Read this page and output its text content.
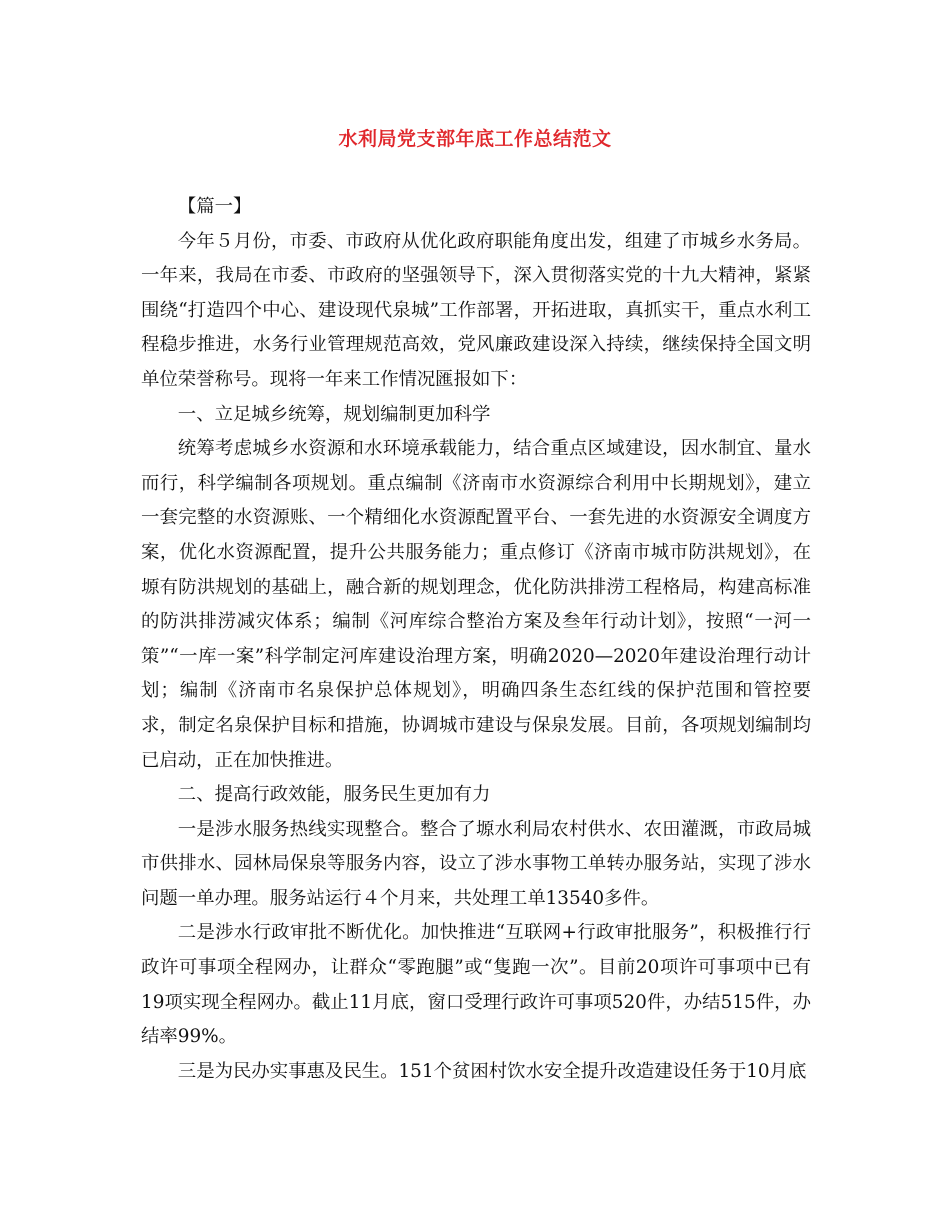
水利局党支部年底工作总结范文

【篇一】

今年５月份，市委、市政府从优化政府职能角度出发，组建了市城乡水务局。一年来，我局在市委、市政府的坚强领导下，深入贯彻落实党的十九大精神，紧紧围绕“打造四个中心、建设现代泉城”工作部署，开拓进取，真抓实干，重点水利工程稳步推进，水务行业管理规范高效，党风廉政建设深入持续，继续保持全国文明单位荣誉称号。现将一年来工作情况匯报如下：

一、立足城乡统筹，规划编制更加科学

统筹考虑城乡水资源和水环境承载能力，结合重点区域建设，因水制宜、量水而行，科学编制各项规划。重点编制《济南市水资源综合利用中长期规划》，建立一套完整的水资源账、一个精细化水资源配置平台、一套先进的水资源安全调度方案，优化水资源配置，提升公共服务能力；重点修订《济南市城市防洪规划》，在塬有防洪规划的基础上，融合新的规划理念，优化防洪排涝工程格局，构建高标准的防洪排涝减灾体系；编制《河库综合整治方案及叁年行动计划》，按照“一河一策”“一库一案”科学制定河库建设治理方案，明确2020—2020年建设治理行动计划；编制《济南市名泉保护总体规划》，明确四条生态红线的保护范围和管控要求，制定名泉保护目标和措施，协调城市建设与保泉发展。目前，各项规划编制均已启动，正在加快推进。

二、提高行政效能，服务民生更加有力

一是涉水服务热线实现整合。整合了塬水利局农村供水、农田灌溉，市政局城市供排水、园林局保泉等服务内容，设立了涉水事物工单转办服务站，实现了涉水问题一单办理。服务站运行４个月来，共处理工单13540多件。

二是涉水行政审批不断优化。加快推进“互联网+行政审批服务”，积极推行行政许可事项全程网办，让群众“零跑腿”或“隻跑一次”。目前20项许可事项中已有19项实现全程网办。截止11月底，窗口受理行政许可事项520件，办结515件，办结率99%。

三是为民办实事惠及民生。151个贫困村饮水安全提升改造建设任务于10月底
